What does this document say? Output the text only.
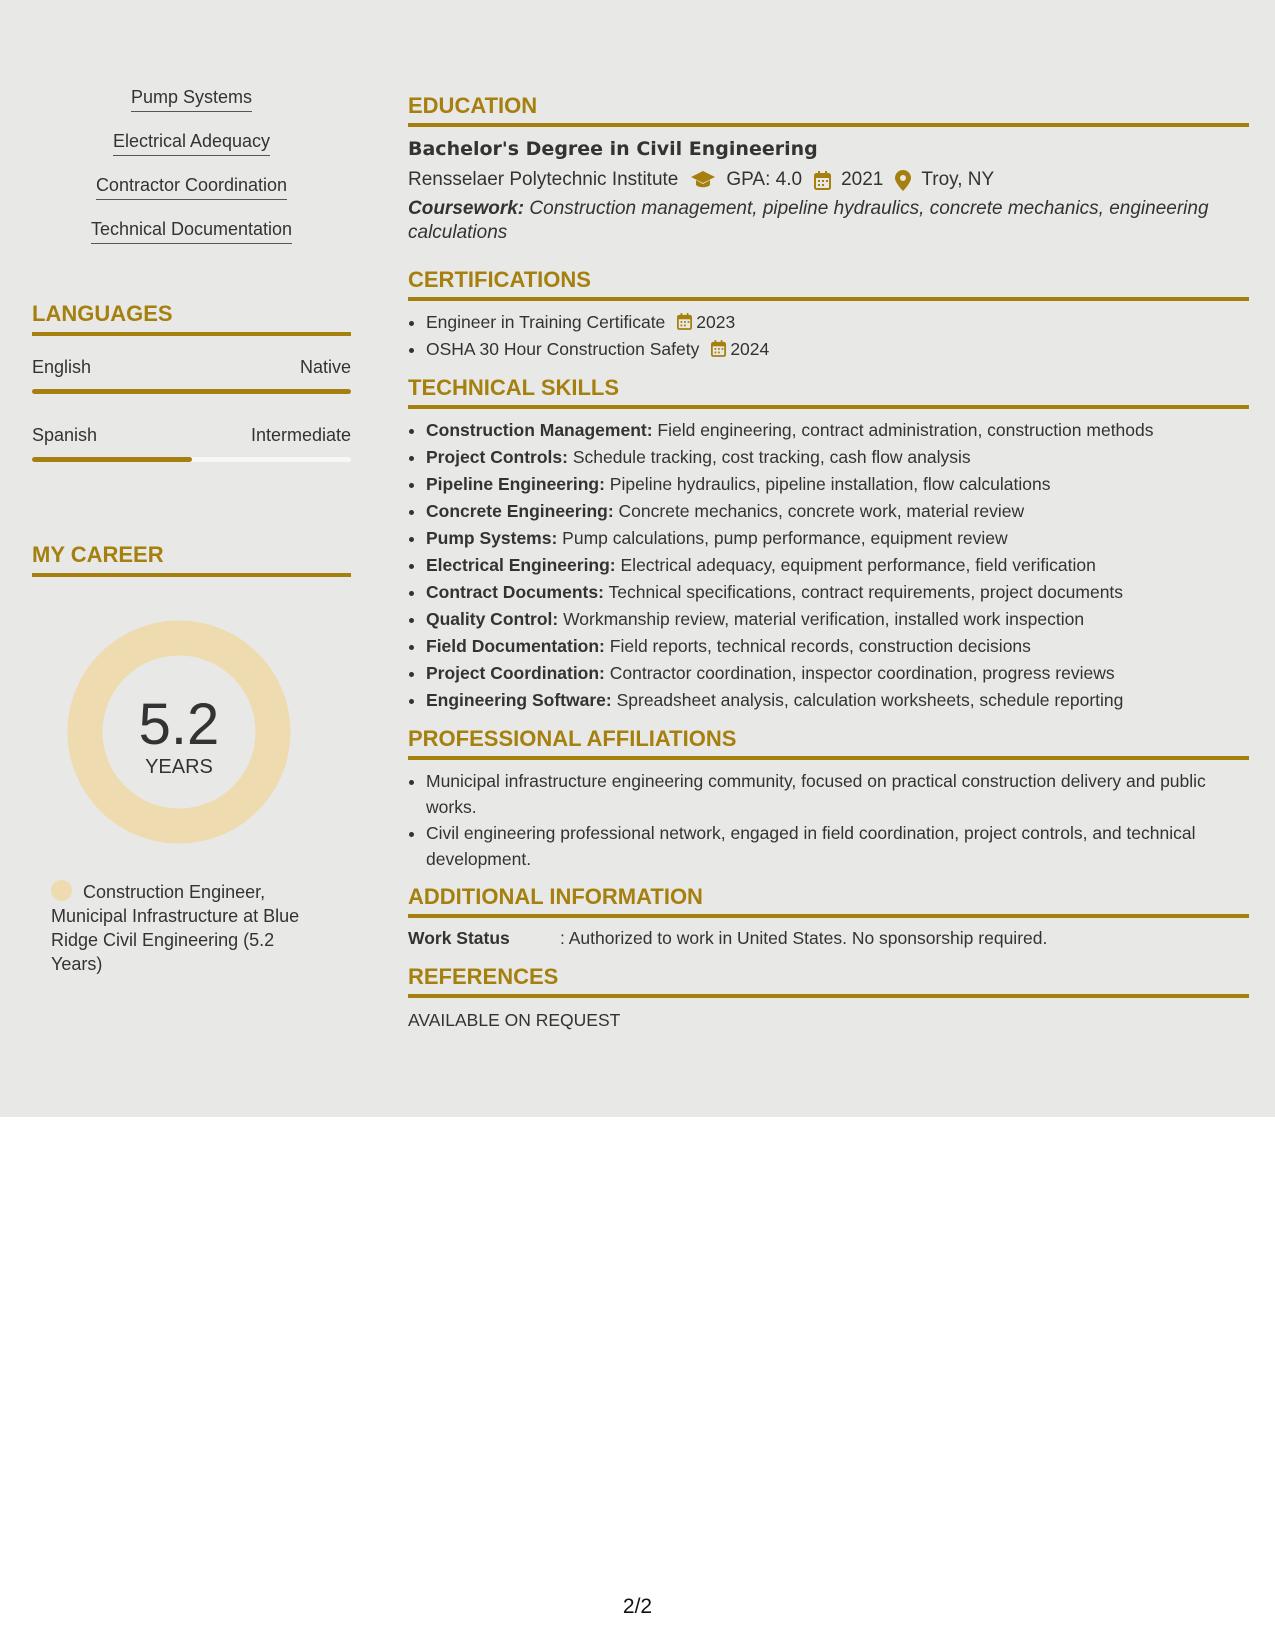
Pump Systems
Electrical Adequacy
Contractor Coordination
Technical Documentation
LANGUAGES
English	Native
Spanish	Intermediate
MY CAREER
5.2
YEARS
Construction Engineer, Municipal Infrastructure at Blue Ridge Civil Engineering (5.2 Years)
EDUCATION
Bachelor's Degree in Civil Engineering
Rensselaer Polytechnic Institute	GPA: 4.0 2021 Troy, NY
Coursework: Construction management, pipeline hydraulics, concrete mechanics, engineering calculations
CERTIFICATIONS
• Engineer in Training Certificate 2023
• OSHA 30 Hour Construction Safety 2024
TECHNICAL SKILLS
• Construction Management: Field engineering, contract administration, construction methods
• Project Controls: Schedule tracking, cost tracking, cash flow analysis
• Pipeline Engineering: Pipeline hydraulics, pipeline installation, flow calculations
• Concrete Engineering: Concrete mechanics, concrete work, material review
• Pump Systems: Pump calculations, pump performance, equipment review
• Electrical Engineering: Electrical adequacy, equipment performance, field verification
• Contract Documents: Technical specifications, contract requirements, project documents
• Quality Control: Workmanship review, material verification, installed work inspection
• Field Documentation: Field reports, technical records, construction decisions
• Project Coordination: Contractor coordination, inspector coordination, progress reviews
• Engineering Software: Spreadsheet analysis, calculation worksheets, schedule reporting
PROFESSIONAL AFFILIATIONS
• Municipal infrastructure engineering community, focused on practical construction delivery and public works.
• Civil engineering professional network, engaged in field coordination, project controls, and technical development.
ADDITIONAL INFORMATION
Work Status	: Authorized to work in United States. No sponsorship required.
REFERENCES
AVAILABLE ON REQUEST
2/2
